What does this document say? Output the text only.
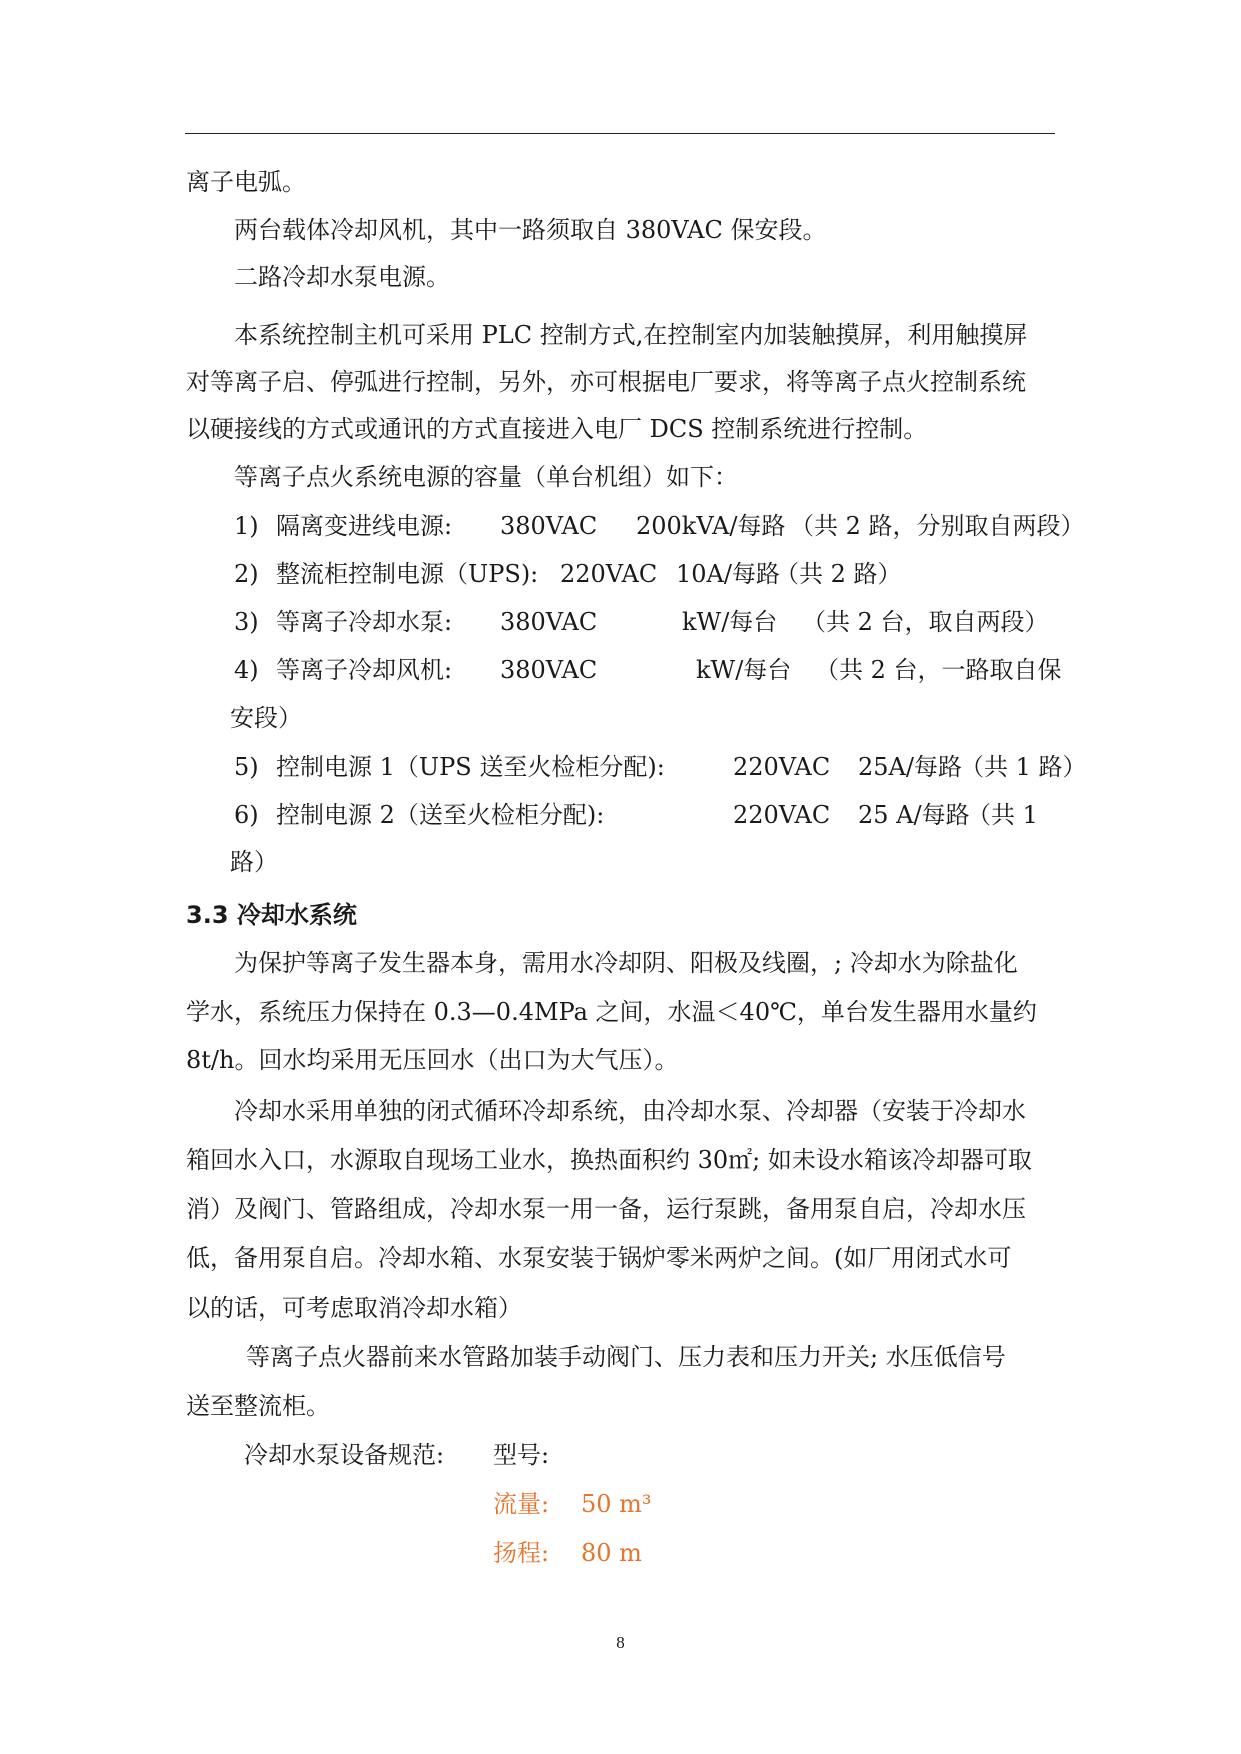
离子电弧。
两台载体冷却风机，其中一路须取自 380VAC 保安段。
二路冷却水泵电源。
本系统控制主机可采用 PLC 控制方式,在控制室内加装触摸屏，利用触摸屏
对等离子启、停弧进行控制，另外，亦可根据电厂要求，将等离子点火控制系统
以硬接线的方式或通讯的方式直接进入电厂 DCS 控制系统进行控制。
等离子点火系统电源的容量（单台机组）如下：
1) 隔离变进线电源: 380VAC 200kVA/每路 （共 2 路，分别取自两段）
2) 整流柜控制电源（UPS): 220VAC 10A/每路
（共 2 路）
3) 等离子冷却水泵: 380VAC	kW/每台 （共 2 台，取自两段）
4) 等离子冷却风机: 380VAC	kW/每台 （共 2 台，一路取自保
安段）
5) 控制电源 1（UPS 送至火检柜分配):	220VAC 25A/每路
（共 1 路）
6) 控制电源 2（送至火检柜分配):	220VAC 25 A/每路
（共 1
路）
3.3 冷却水系统
为保护等离子发生器本身，需用水冷却阴、阳极及线圈，; 冷却水为除盐化
学水，系统压力保持在 0.3—0.4MPa 之间，水温＜40℃，单台发生器用水量约
8t/h。回水均采用无压回水（出口为大气压）。
冷却水采用单独的闭式循环冷却系统，由冷却水泵、冷却器（安装于冷却水
箱回水入口，水源取自现场工业水，换热面积约 30㎡; 如未设水箱该冷却器可取
消）及阀门、管路组成，冷却水泵一用一备，运行泵跳，备用泵自启，冷却水压
低，备用泵自启。冷却水箱、水泵安装于锅炉零米两炉之间。(如厂用闭式水可
以的话，可考虑取消冷却水箱）
等离子点火器前来水管路加装手动阀门、压力表和压力开关; 水压低信号
送至整流柜。
冷却水泵设备规范: 型号:
流量: 50 m³
扬程: 80 m
8
